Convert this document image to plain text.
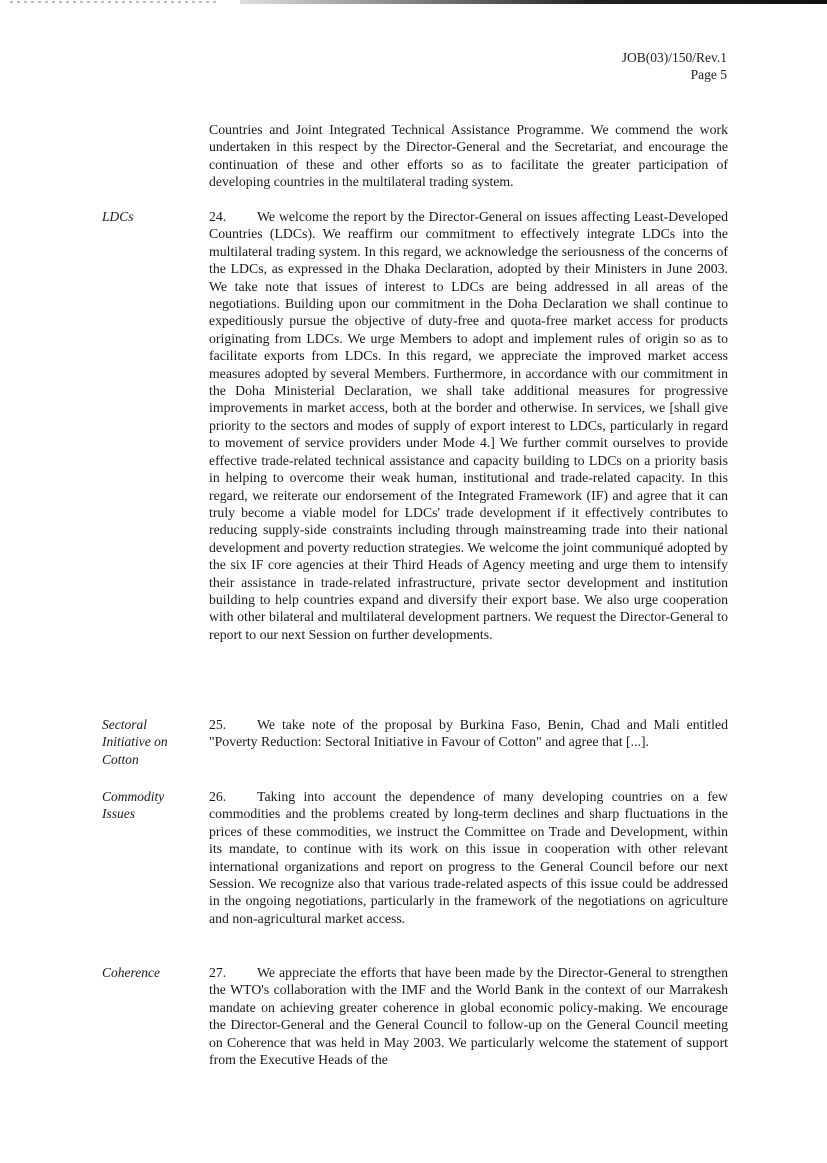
JOB(03)/150/Rev.1
Page 5

Countries and Joint Integrated Technical Assistance Programme. We commend the work undertaken in this respect by the Director-General and the Secretariat, and encourage the continuation of these and other efforts so as to facilitate the greater participation of developing countries in the multilateral trading system.

LDCs	24. We welcome the report by the Director-General on issues affecting Least-Developed Countries (LDCs). We reaffirm our commitment to effectively integrate LDCs into the multilateral trading system. In this regard, we acknowledge the seriousness of the concerns of the LDCs, as expressed in the Dhaka Declaration, adopted by their Ministers in June 2003. We take note that issues of interest to LDCs are being addressed in all areas of the negotiations. Building upon our commitment in the Doha Declaration we shall continue to expeditiously pursue the objective of duty-free and quota-free market access for products originating from LDCs. We urge Members to adopt and implement rules of origin so as to facilitate exports from LDCs. In this regard, we appreciate the improved market access measures adopted by several Members. Furthermore, in accordance with our commitment in the Doha Ministerial Declaration, we shall take additional measures for progressive improvements in market access, both at the border and otherwise. In services, we [shall give priority to the sectors and modes of supply of export interest to LDCs, particularly in regard to movement of service providers under Mode 4.] We further commit ourselves to provide effective trade-related technical assistance and capacity building to LDCs on a priority basis in helping to overcome their weak human, institutional and trade-related capacity. In this regard, we reiterate our endorsement of the Integrated Framework (IF) and agree that it can truly become a viable model for LDCs' trade development if it effectively contributes to reducing supply-side constraints including through mainstreaming trade into their national development and poverty reduction strategies. We welcome the joint communiqué adopted by the six IF core agencies at their Third Heads of Agency meeting and urge them to intensify their assistance in trade-related infrastructure, private sector development and institution building to help countries expand and diversify their export base. We also urge cooperation with other bilateral and multilateral development partners. We request the Director-General to report to our next Session on further developments.

Sectoral Initiative on Cotton

25. We take note of the proposal by Burkina Faso, Benin, Chad and Mali entitled "Poverty Reduction: Sectoral Initiative in Favour of Cotton" and agree that [...].

Commodity Issues

26. Taking into account the dependence of many developing countries on a few commodities and the problems created by long-term declines and sharp fluctuations in the prices of these commodities, we instruct the Committee on Trade and Development, within its mandate, to continue with its work on this issue in cooperation with other relevant international organizations and report on progress to the General Council before our next Session. We recognize also that various trade-related aspects of this issue could be addressed in the ongoing negotiations, particularly in the framework of the negotiations on agriculture and non-agricultural market access.

Coherence	27. We appreciate the efforts that have been made by the Director-General to strengthen the WTO's collaboration with the IMF and the World Bank in the context of our Marrakesh mandate on achieving greater coherence in global economic policy-making. We encourage the Director-General and the General Council to follow-up on the General Council meeting on Coherence that was held in May 2003. We particularly welcome the statement of support from the Executive Heads of the
